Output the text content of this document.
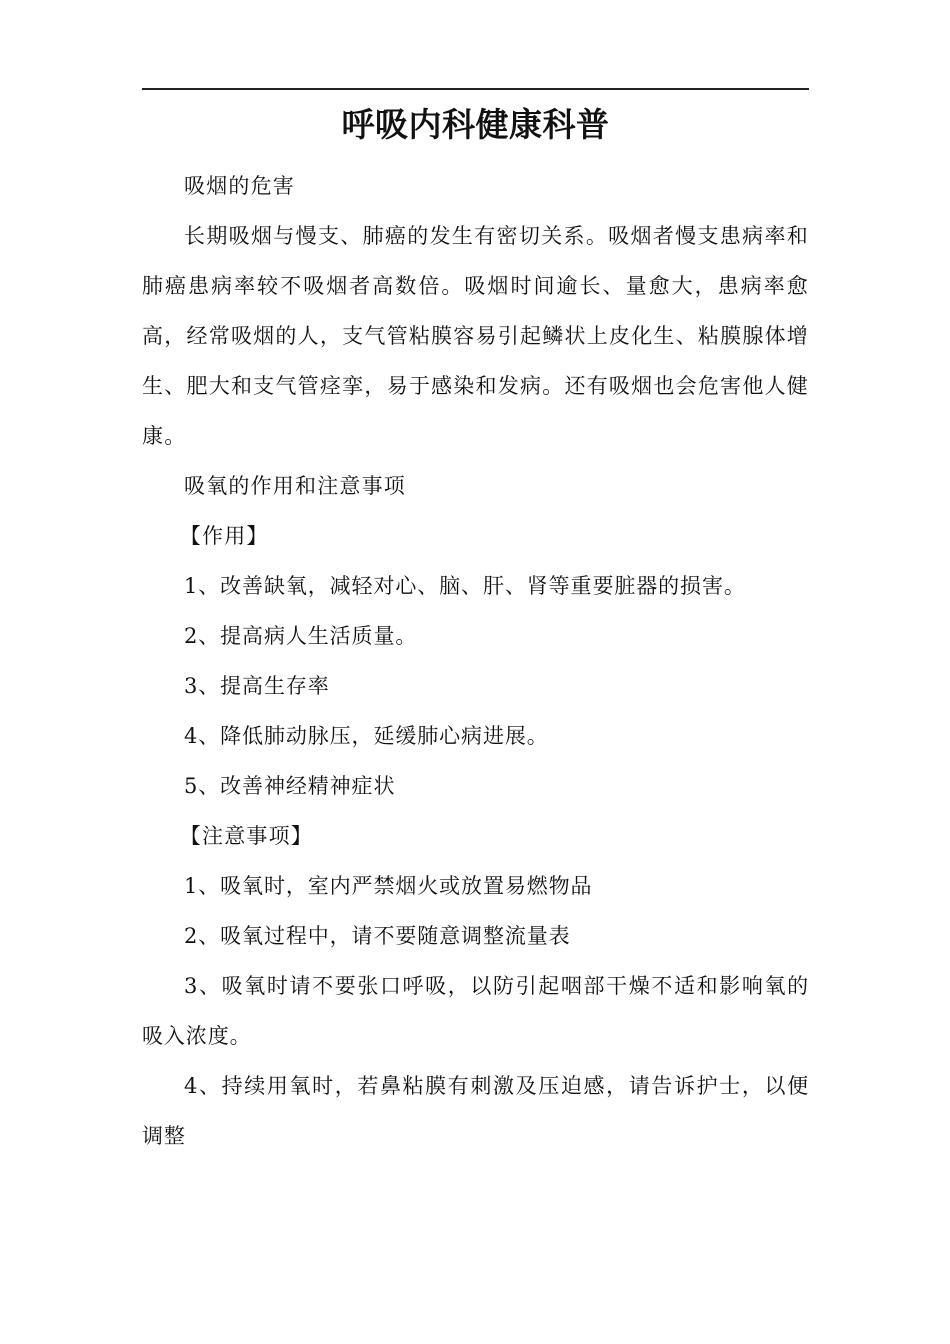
呼吸内科健康科普

吸烟的危害

长期吸烟与慢支、肺癌的发生有密切关系。吸烟者慢支患病率和肺癌患病率较不吸烟者高数倍。吸烟时间逾长、量愈大，患病率愈高，经常吸烟的人，支气管粘膜容易引起鳞状上皮化生、粘膜腺体增生、肥大和支气管痉挛，易于感染和发病。还有吸烟也会危害他人健康。

吸氧的作用和注意事项

【作用】

1、改善缺氧，减轻对心、脑、肝、肾等重要脏器的损害。

2、提高病人生活质量。

3、提高生存率

4、降低肺动脉压，延缓肺心病进展。

5、改善神经精神症状

【注意事项】

1、吸氧时，室内严禁烟火或放置易燃物品

2、吸氧过程中，请不要随意调整流量表

3、吸氧时请不要张口呼吸，以防引起咽部干燥不适和影响氧的吸入浓度。

4、持续用氧时，若鼻粘膜有刺激及压迫感，请告诉护士，以便调整
